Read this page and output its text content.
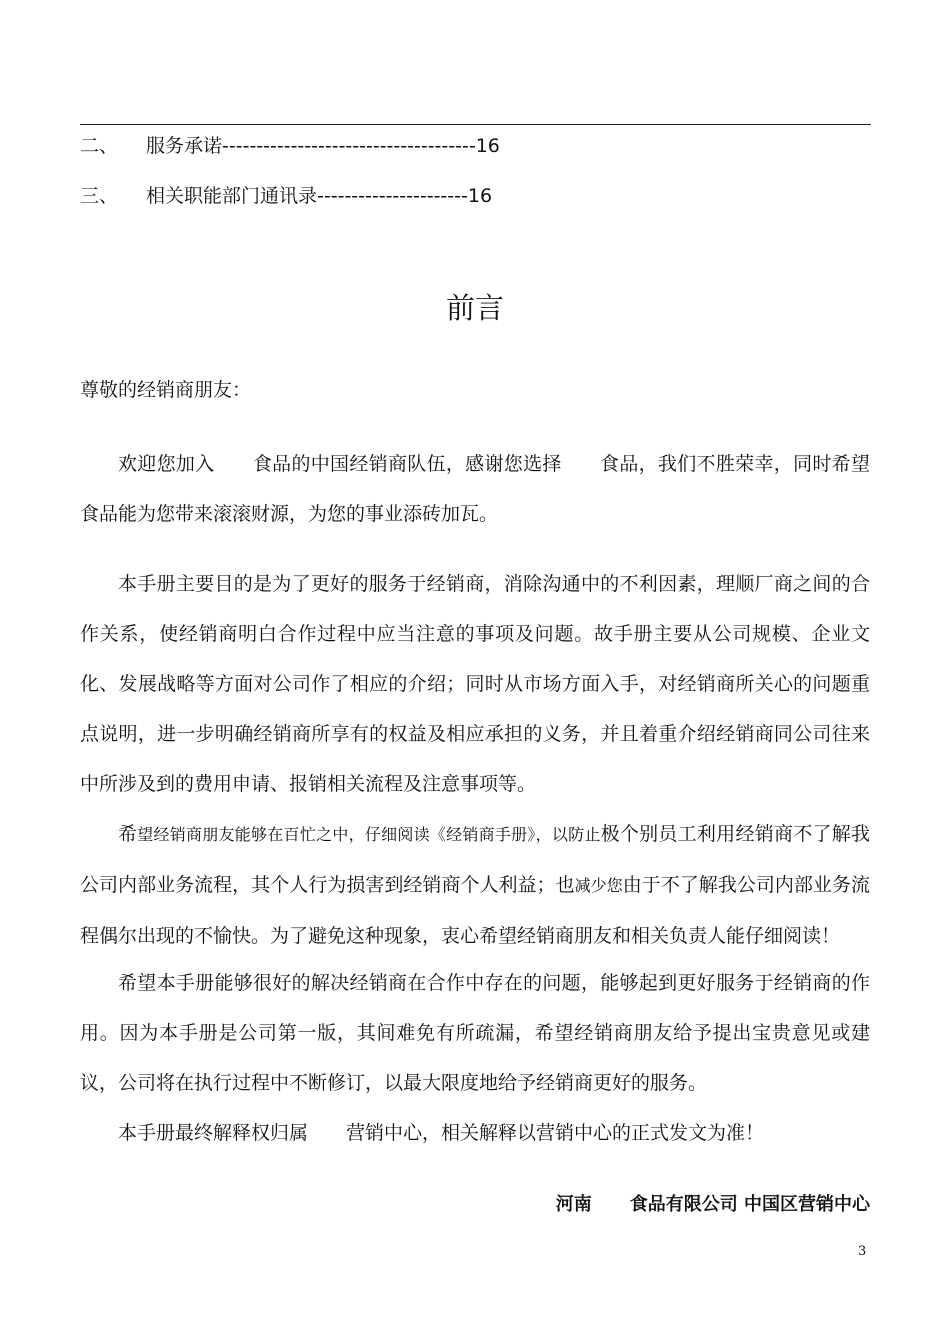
二、 服务承诺-------------------------------------16
三、 相关职能部门通讯录----------------------16
前言
尊敬的经销商朋友：

欢迎您加入 食品的中国经销商队伍，感谢您选择 食品，我们不胜荣幸，同时希望食品能为您带来滚滚财源，为您的事业添砖加瓦。

本手册主要目的是为了更好的服务于经销商，消除沟通中的不利因素，理顺厂商之间的合作关系，使经销商明白合作过程中应当注意的事项及问题。故手册主要从公司规模、企业文化、发展战略等方面对公司作了相应的介绍；同时从市场方面入手，对经销商所关心的问题重点说明，进一步明确经销商所享有的权益及相应承担的义务，并且着重介绍经销商同公司往来中所涉及到的费用申请、报销相关流程及注意事项等。

希望经销商朋友能够在百忙之中，仔细阅读《经销商手册》，以防止极个别员工利用经销商不了解我公司内部业务流程，其个人行为损害到经销商个人利益；也减少您由于不了解我公司内部业务流程偶尔出现的不愉快。为了避免这种现象，衷心希望经销商朋友和相关负责人能仔细阅读！

希望本手册能够很好的解决经销商在合作中存在的问题，能够起到更好服务于经销商的作用。因为本手册是公司第一版，其间难免有所疏漏，希望经销商朋友给予提出宝贵意见或建议，公司将在执行过程中不断修订，以最大限度地给予经销商更好的服务。

本手册最终解释权归属 营销中心，相关解释以营销中心的正式发文为准！

河南 食品有限公司 中国区营销中心
3
